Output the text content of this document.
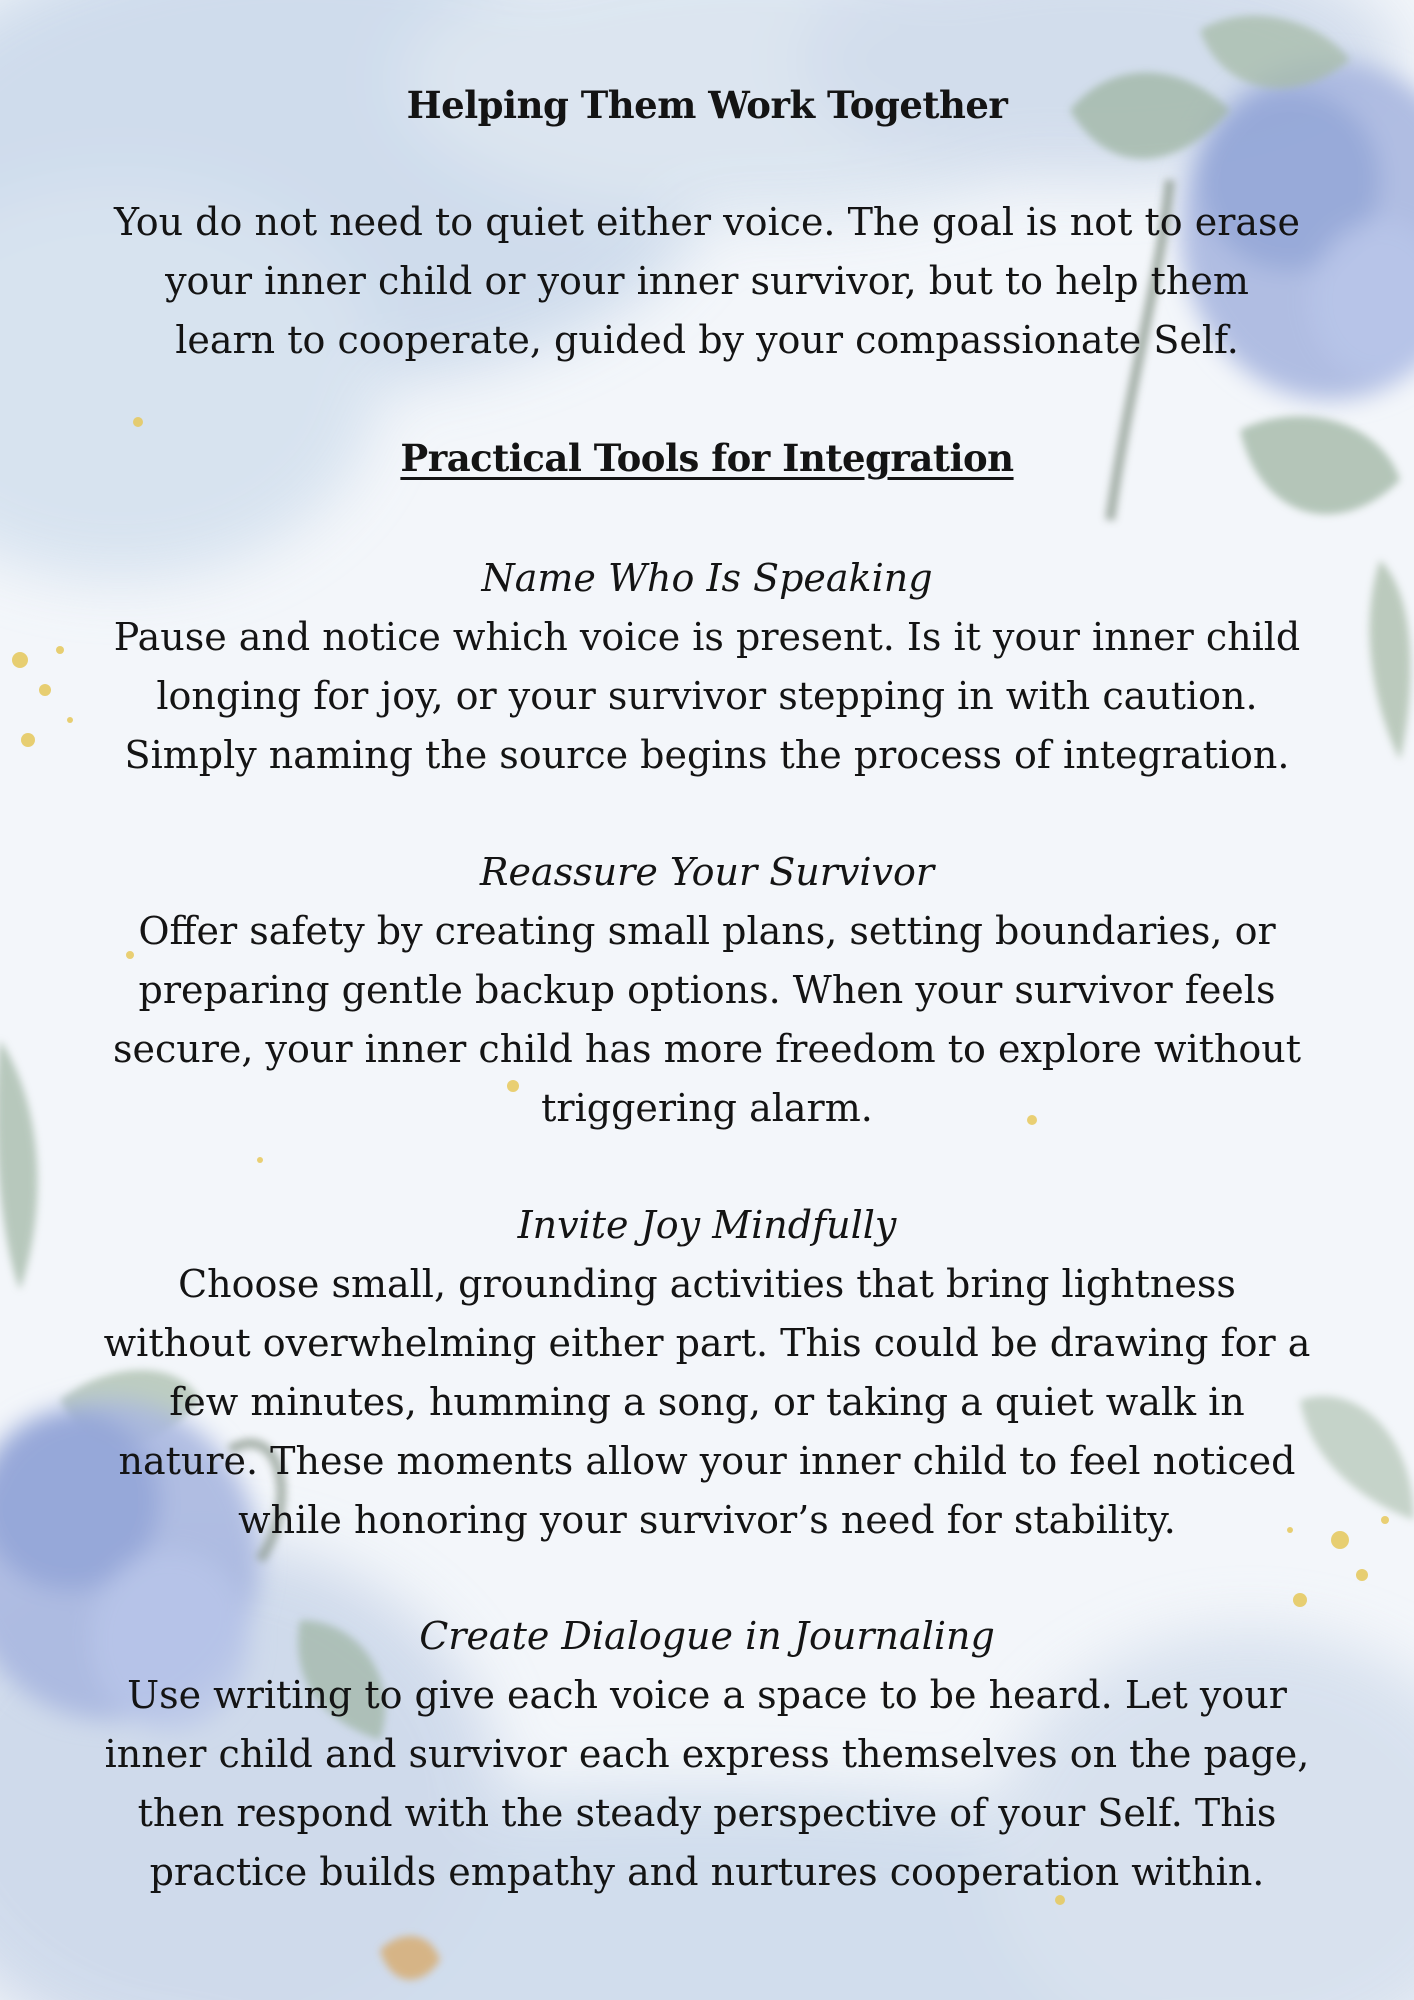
Helping Them Work Together

You do not need to quiet either voice. The goal is not to erase your inner child or your inner survivor, but to help them learn to cooperate, guided by your compassionate Self.

Practical Tools for Integration
Name Who Is Speaking
Pause and notice which voice is present. Is it your inner child longing for joy, or your survivor stepping in with caution. Simply naming the source begins the process of integration.
Reassure Your Survivor
Offer safety by creating small plans, setting boundaries, or preparing gentle backup options. When your survivor feels secure, your inner child has more freedom to explore without triggering alarm.
Invite Joy Mindfully
Choose small, grounding activities that bring lightness without overwhelming either part. This could be drawing for a few minutes, humming a song, or taking a quiet walk in nature. These moments allow your inner child to feel noticed while honoring your survivor’s need for stability.
Create Dialogue in Journaling
Use writing to give each voice a space to be heard. Let your inner child and survivor each express themselves on the page, then respond with the steady perspective of your Self. This practice builds empathy and nurtures cooperation within.
